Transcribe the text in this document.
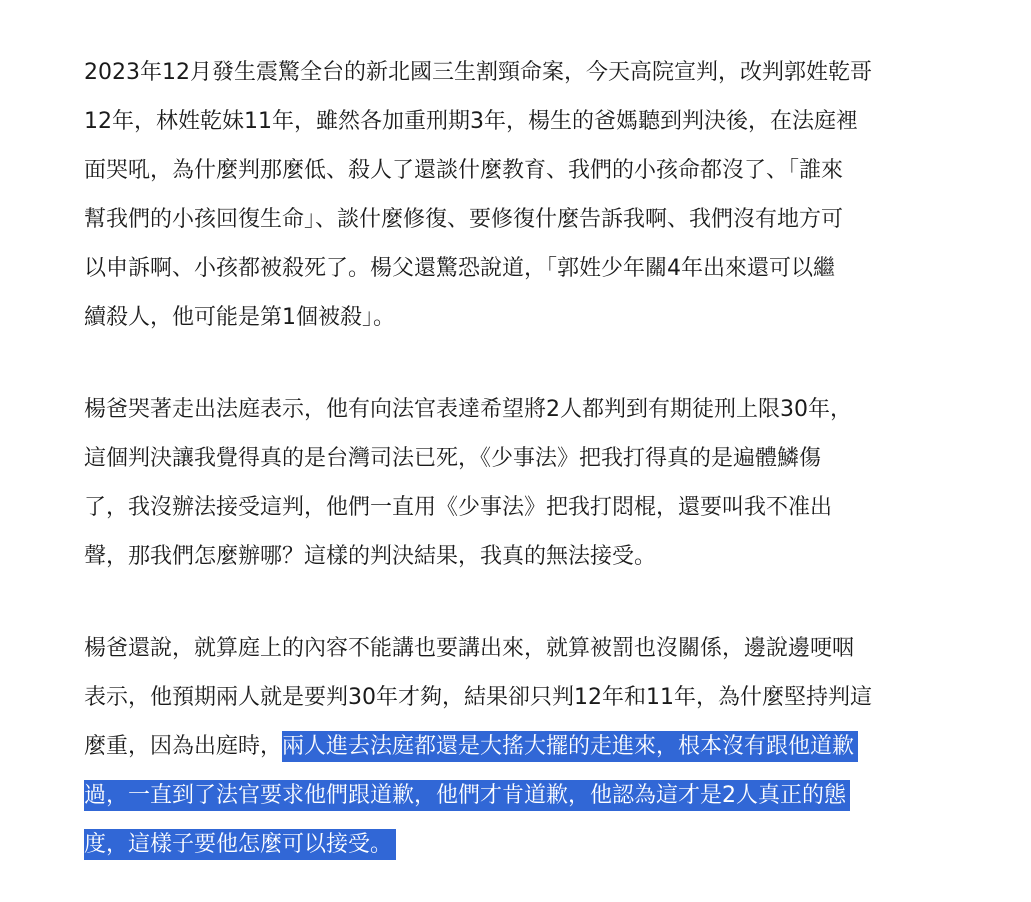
2023年12月發生震驚全台的新北國三生割頸命案，今天高院宣判，改判郭姓乾哥
12年，林姓乾妹11年，雖然各加重刑期3年，楊生的爸媽聽到判決後，在法庭裡
面哭吼，為什麼判那麼低、殺人了還談什麼教育、我們的小孩命都沒了、「誰來
幫我們的小孩回復生命」、談什麼修復、要修復什麼告訴我啊、我們沒有地方可
以申訴啊、小孩都被殺死了。楊父還驚恐說道，「郭姓少年關4年出來還可以繼
續殺人，他可能是第1個被殺」。

楊爸哭著走出法庭表示，他有向法官表達希望將2人都判到有期徒刑上限30年，
這個判決讓我覺得真的是台灣司法已死，《少事法》把我打得真的是遍體鱗傷
了，我沒辦法接受這判，他們一直用《少事法》把我打悶棍，還要叫我不准出
聲，那我們怎麼辦哪？這樣的判決結果，我真的無法接受。

楊爸還說，就算庭上的內容不能講也要講出來，就算被罰也沒關係，邊說邊哽咽
表示，他預期兩人就是要判30年才夠，結果卻只判12年和11年，為什麼堅持判這
麼重，因為出庭時，兩人進去法庭都還是大搖大擺的走進來，根本沒有跟他道歉
過，一直到了法官要求他們跟道歉，他們才肯道歉，他認為這才是2人真正的態
度，這樣子要他怎麼可以接受。
